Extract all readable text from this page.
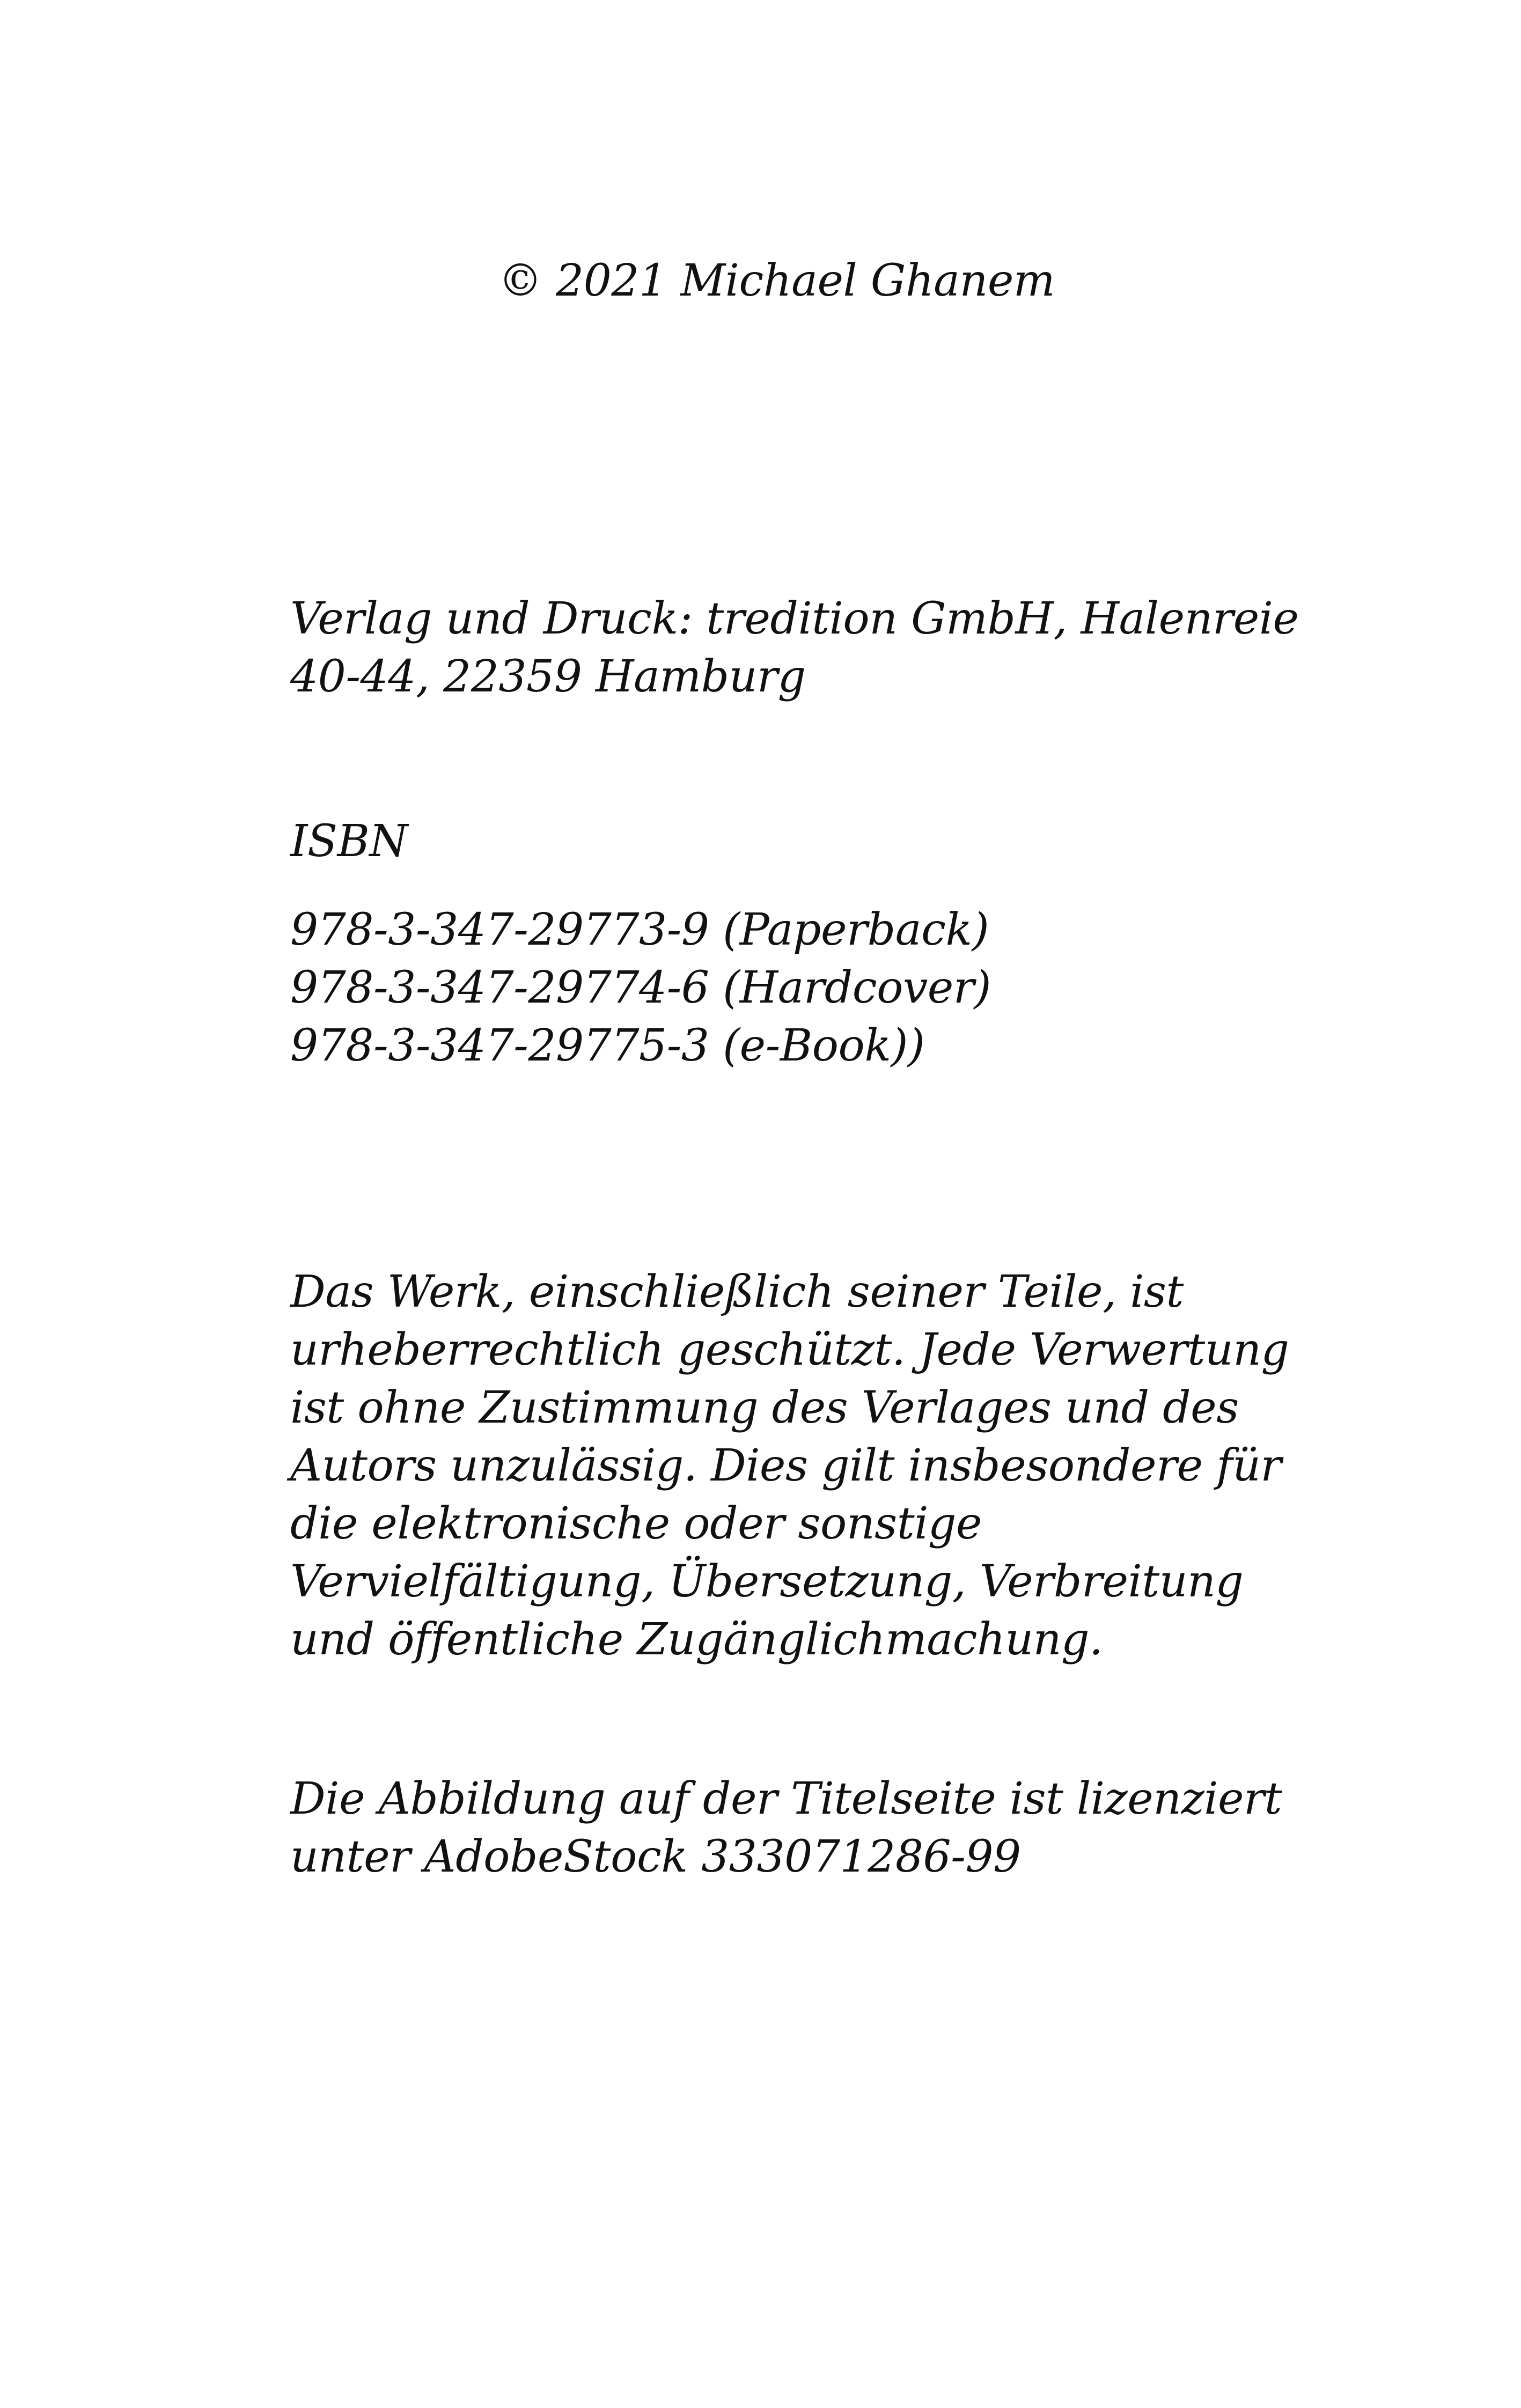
© 2021 Michael Ghanem

Verlag und Druck: tredition GmbH, Halenreie
40-44, 22359 Hamburg
ISBN
978-3-347-29773-9 (Paperback)
978-3-347-29774-6 (Hardcover)
978-3-347-29775-3 (e-Book))
Das Werk, einschließlich seiner Teile, ist
urheberrechtlich geschützt. Jede Verwertung
ist ohne Zustimmung des Verlages und des
Autors unzulässig. Dies gilt insbesondere für
die elektronische oder sonstige
Vervielfältigung, Übersetzung, Verbreitung
und öffentliche Zugänglichmachung.
Die Abbildung auf der Titelseite ist lizenziert
unter AdobeStock 333071286-99
